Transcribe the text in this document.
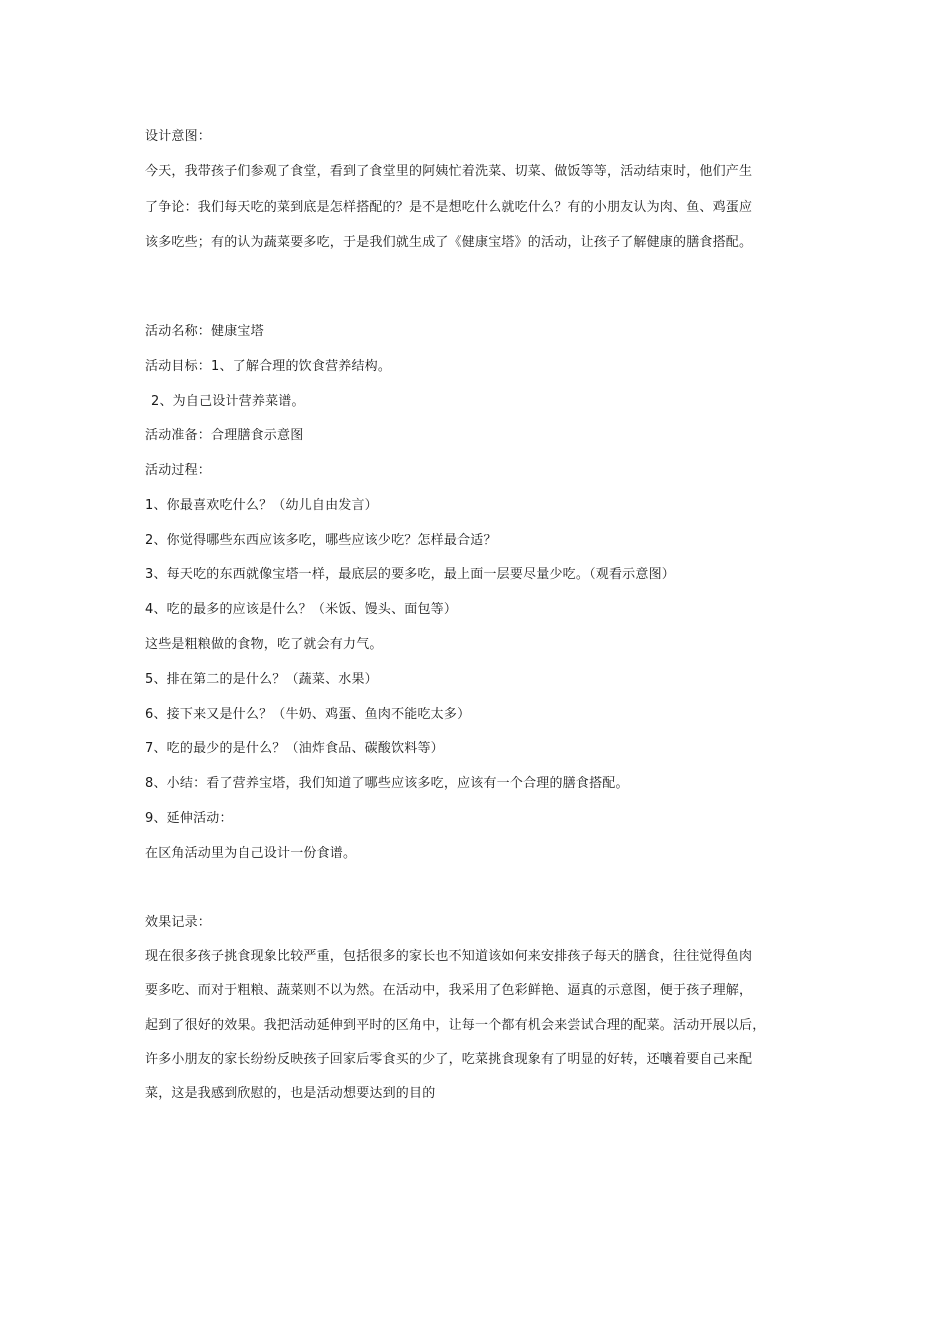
设计意图：
今天，我带孩子们参观了食堂，看到了食堂里的阿姨忙着洗菜、切菜、做饭等等，活动结束时，他们产生
了争论：我们每天吃的菜到底是怎样搭配的？是不是想吃什么就吃什么？有的小朋友认为肉、鱼、鸡蛋应
该多吃些；有的认为蔬菜要多吃，于是我们就生成了《健康宝塔》的活动，让孩子了解健康的膳食搭配。
活动名称：健康宝塔
活动目标：1、了解合理的饮食营养结构。
2、为自己设计营养菜谱。
活动准备：合理膳食示意图
活动过程：
1、你最喜欢吃什么？（幼儿自由发言）
2、你觉得哪些东西应该多吃，哪些应该少吃？怎样最合适？
3、每天吃的东西就像宝塔一样，最底层的要多吃，最上面一层要尽量少吃。（观看示意图）
4、吃的最多的应该是什么？（米饭、馒头、面包等）
这些是粗粮做的食物，吃了就会有力气。
5、排在第二的是什么？（蔬菜、水果）
6、接下来又是什么？（牛奶、鸡蛋、鱼肉不能吃太多）
7、吃的最少的是什么？（油炸食品、碳酸饮料等）
8、小结：看了营养宝塔，我们知道了哪些应该多吃，应该有一个合理的膳食搭配。
9、延伸活动：
在区角活动里为自己设计一份食谱。
效果记录：
现在很多孩子挑食现象比较严重，包括很多的家长也不知道该如何来安排孩子每天的膳食，往往觉得鱼肉
要多吃、而对于粗粮、蔬菜则不以为然。在活动中，我采用了色彩鲜艳、逼真的示意图，便于孩子理解，
起到了很好的效果。我把活动延伸到平时的区角中，让每一个都有机会来尝试合理的配菜。活动开展以后，
许多小朋友的家长纷纷反映孩子回家后零食买的少了，吃菜挑食现象有了明显的好转，还嚷着要自己来配
菜，这是我感到欣慰的，也是活动想要达到的目的
